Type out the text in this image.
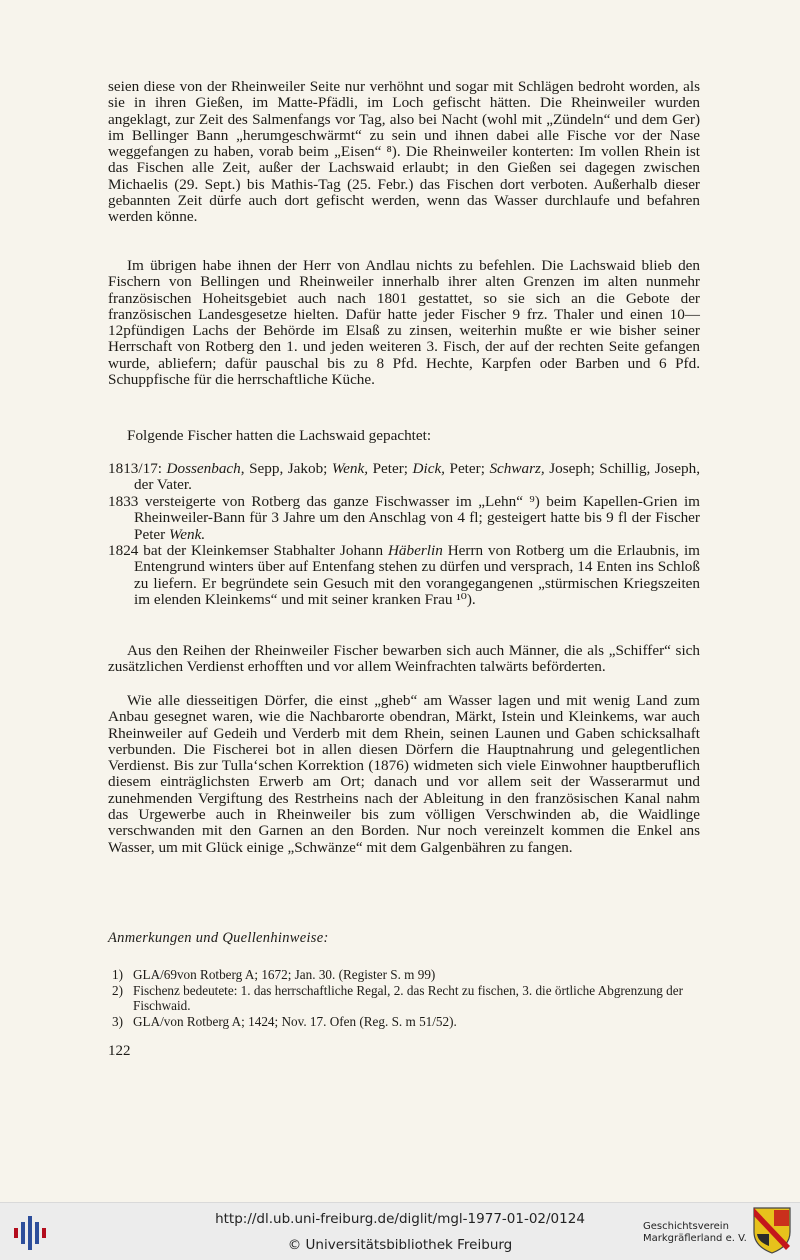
seien diese von der Rheinweiler Seite nur verhöhnt und sogar mit Schlägen bedroht worden, als sie in ihren Gießen, im Matte-Pfädli, im Loch gefischt hätten. Die Rheinweiler wurden angeklagt, zur Zeit des Salmenfangs vor Tag, also bei Nacht (wohl mit „Zündeln“ und dem Ger) im Bellinger Bann „herumgeschwärmt“ zu sein und ihnen dabei alle Fische vor der Nase weggefangen zu haben, vorab beim „Eisen“ ⁸). Die Rheinweiler konterten: Im vollen Rhein ist das Fischen alle Zeit, außer der Lachswaid erlaubt; in den Gießen sei dagegen zwischen Michaelis (29. Sept.) bis Mathis-Tag (25. Febr.) das Fischen dort verboten. Außerhalb dieser gebannten Zeit dürfe auch dort gefischt werden, wenn das Wasser durchlaufe und befahren werden könne.

Im übrigen habe ihnen der Herr von Andlau nichts zu befehlen. Die Lachswaid blieb den Fischern von Bellingen und Rheinweiler innerhalb ihrer alten Grenzen im alten nunmehr französischen Hoheitsgebiet auch nach 1801 gestattet, so sie sich an die Gebote der französischen Landesgesetze hielten. Dafür hatte jeder Fischer 9 frz. Thaler und einen 10—12pfündigen Lachs der Behörde im Elsaß zu zinsen, weiterhin mußte er wie bisher seiner Herrschaft von Rotberg den 1. und jeden weiteren 3. Fisch, der auf der rechten Seite gefangen wurde, abliefern; dafür pauschal bis zu 8 Pfd. Hechte, Karpfen oder Barben und 6 Pfd. Schuppfische für die herrschaftliche Küche.

Folgende Fischer hatten die Lachswaid gepachtet:

1813/17: Dossenbach, Sepp, Jakob; Wenk, Peter; Dick, Peter; Schwarz, Joseph; Schillig, Joseph, der Vater.
1833 versteigerte von Rotberg das ganze Fischwasser im „Lehn“ ⁹) beim Kapellen-Grien im Rheinweiler-Bann für 3 Jahre um den Anschlag von 4 fl; gesteigert hatte bis 9 fl der Fischer Peter Wenk.
1824 bat der Kleinkemser Stabhalter Johann Häberlin Herrn von Rotberg um die Erlaubnis, im Entengrund winters über auf Entenfang stehen zu dürfen und versprach, 14 Enten ins Schloß zu liefern. Er begründete sein Gesuch mit den vorangegangenen „stürmischen Kriegszeiten im elenden Kleinkems“ und mit seiner kranken Frau ¹⁰).

Aus den Reihen der Rheinweiler Fischer bewarben sich auch Männer, die als „Schiffer“ sich zusätzlichen Verdienst erhofften und vor allem Weinfrachten talwärts beförderten.

Wie alle diesseitigen Dörfer, die einst „gheb“ am Wasser lagen und mit wenig Land zum Anbau gesegnet waren, wie die Nachbarorte obendran, Märkt, Istein und Kleinkems, war auch Rheinweiler auf Gedeih und Verderb mit dem Rhein, seinen Launen und Gaben schicksalhaft verbunden. Die Fischerei bot in allen diesen Dörfern die Hauptnahrung und gelegentlichen Verdienst. Bis zur Tulla‘schen Korrektion (1876) widmeten sich viele Einwohner hauptberuflich diesem einträglichsten Erwerb am Ort; danach und vor allem seit der Wasserarmut und zunehmenden Vergiftung des Restrheins nach der Ableitung in den französischen Kanal nahm das Urgewerbe auch in Rheinweiler bis zum völligen Verschwinden ab, die Waidlinge verschwanden mit den Garnen an den Borden. Nur noch vereinzelt kommen die Enkel ans Wasser, um mit Glück einige „Schwänze“ mit dem Galgenbähren zu fangen.

Anmerkungen und Quellenhinweise:

1) GLA/69von Rotberg A; 1672; Jan. 30. (Register S. m 99)
2) Fischenz bedeutete: 1. das herrschaftliche Regal, 2. das Recht zu fischen, 3. die örtliche Abgrenzung der Fischwaid.
3) GLA/von Rotberg A; 1424; Nov. 17. Ofen (Reg. S. m 51/52).

122

http://dl.ub.uni-freiburg.de/diglit/mgl-1977-01-02/0124
© Universitätsbibliothek Freiburg
Geschichtsverein
Markgräflerland e. V.
